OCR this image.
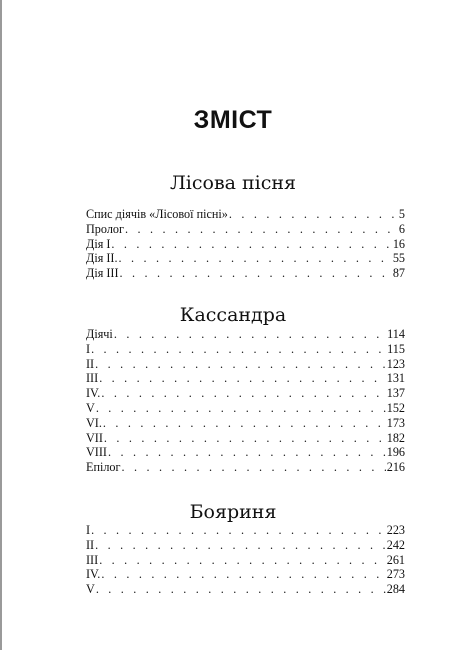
ЗМІСТ
Лісова пісня
Спис діячів «Лісової пісні» . . .	5
Пролог . . .	6
Дія І . . .	16
Дія ІІ. . . .	55
Дія ІІІ . . .	87
Кассандра
Діячі . . .	114
І . . .	115
ІІ . . .	123
ІІІ . . .	131
IV. . . .	137
V . . .	152
VI. . . .	173
VII . . .	182
VIII . . .	196
Епілог . . .	216
Бояриня
І . . .	223
ІІ . . .	242
ІІІ . . .	261
IV. . . .	273
V . . .	284
